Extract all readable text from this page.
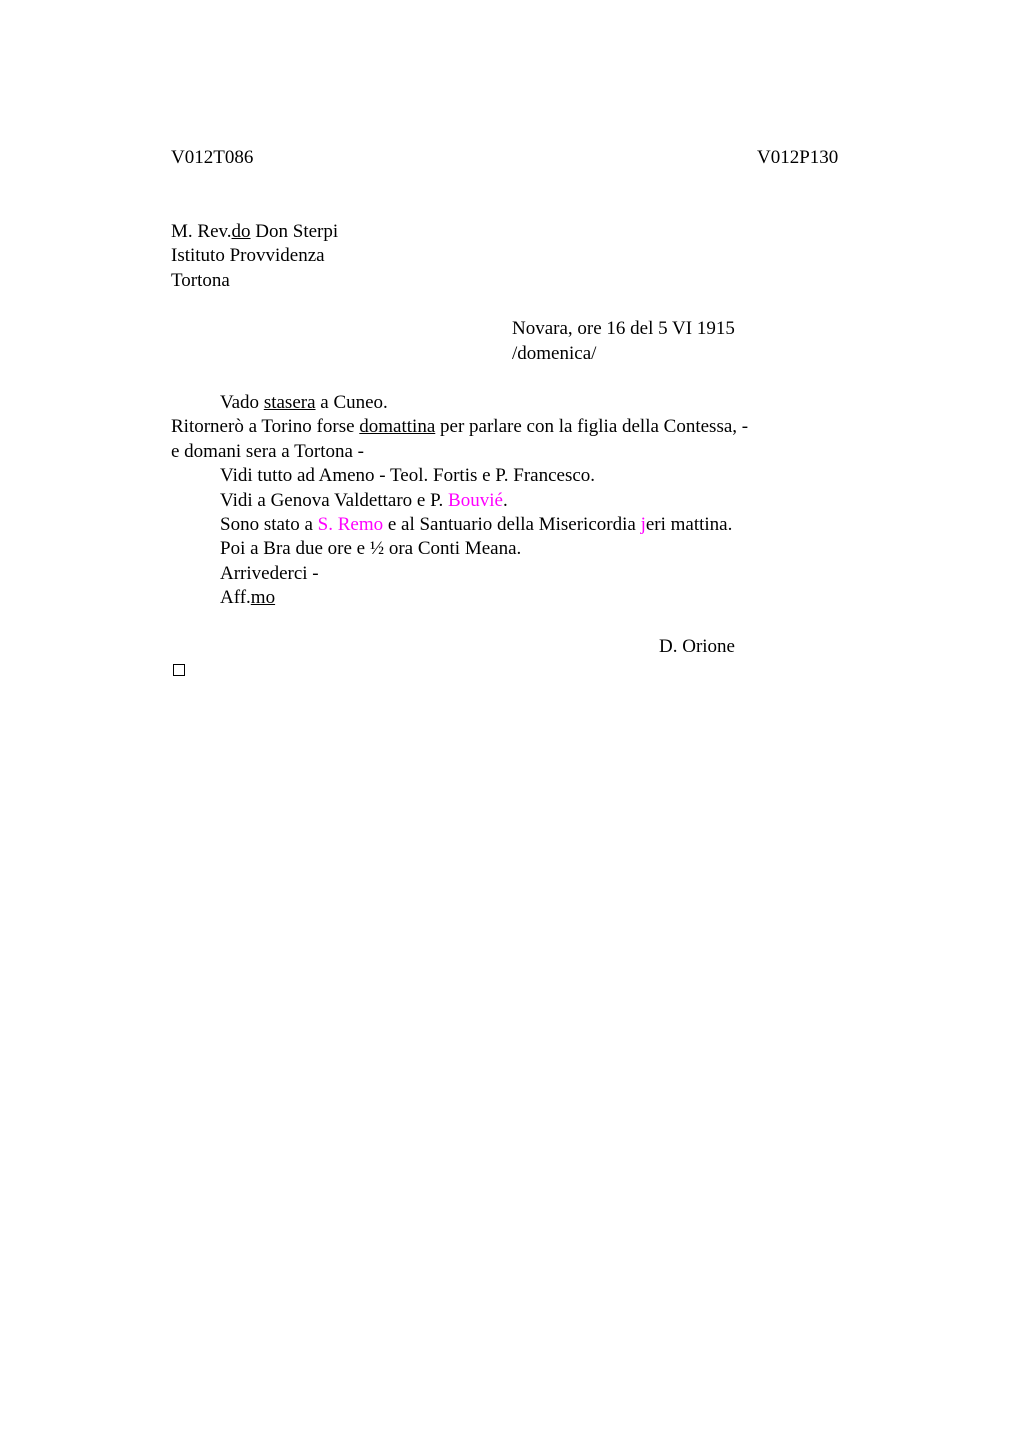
V012T086	V012P130
M. Rev.do Don Sterpi
Istituto Provvidenza
Tortona
Novara, ore 16 del 5 VI 1915
/domenica/
Vado stasera a Cuneo.
Ritornerò a Torino forse domattina per parlare con la figlia della Contessa, -
e domani sera a Tortona -
Vidi tutto ad Ameno - Teol. Fortis e P. Francesco.
Vidi a Genova Valdettaro e P. Bouvié.
Sono stato a S. Remo e al Santuario della Misericordia jeri mattina.
Poi a Bra due ore e ½ ora Conti Meana.
Arrivederci -
Aff.mo
D. Orione
